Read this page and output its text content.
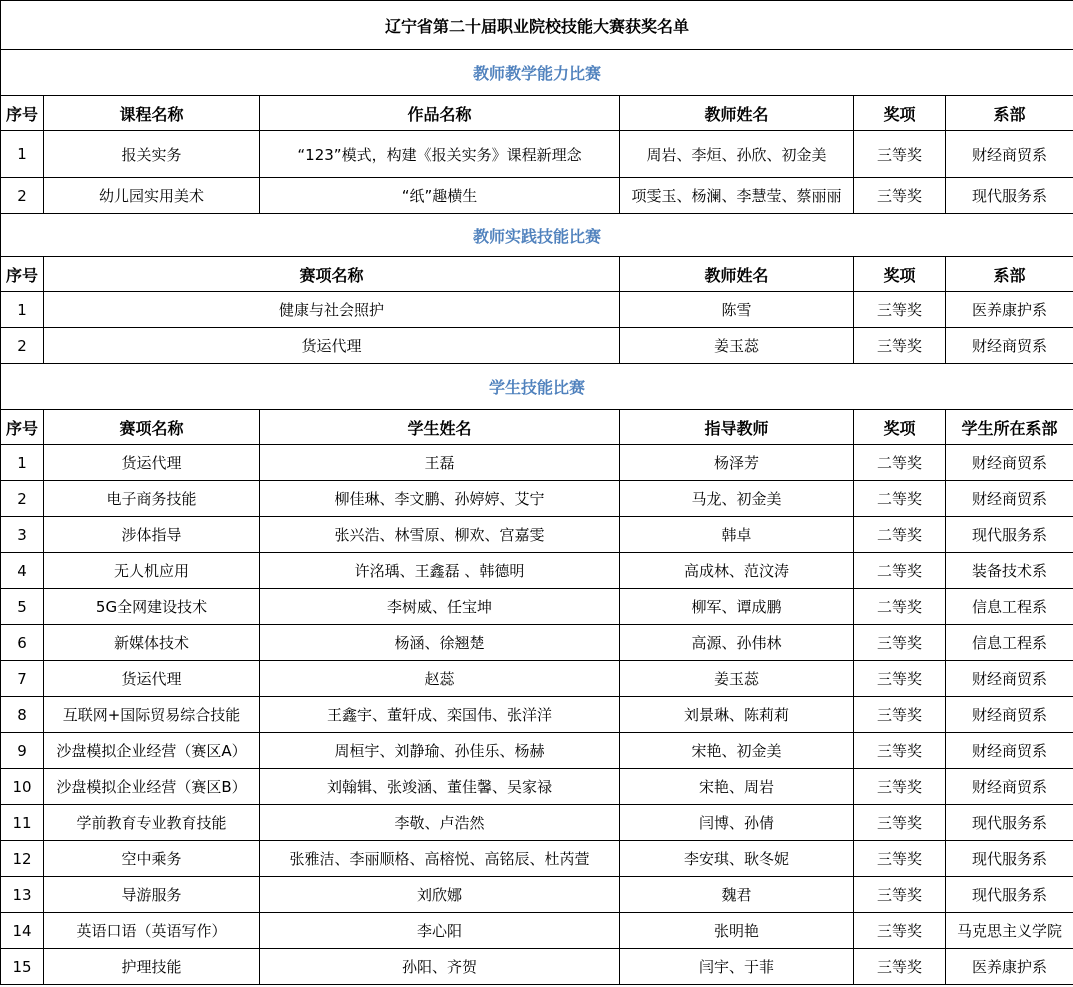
辽宁省第二十届职业院校技能大赛获奖名单					
教师教学能力比赛					
序号	课程名称	作品名称	教师姓名	奖项	系部
1	报关实务	“123”模式，构建《报关实务》课程新理念	周岩、李烜、孙欣、初金美	三等奖	财经商贸系
2	幼儿园实用美术	“纸”趣横生	项雯玉、杨澜、李慧莹、蔡丽丽	三等奖	现代服务系
教师实践技能比赛					
序号	赛项名称		教师姓名	奖项	系部
1	健康与社会照护		陈雪	三等奖	医养康护系
2	货运代理		姜玉蕊	三等奖	财经商贸系
学生技能比赛					
序号	赛项名称	学生姓名	指导教师	奖项	学生所在系部
1	货运代理	王磊	杨泽芳	二等奖	财经商贸系
2	电子商务技能	柳佳琳、李文鹏、孙婷婷、艾宁	马龙、初金美	二等奖	财经商贸系
3	涉体指导	张兴浩、林雪原、柳欢、宫嘉雯	韩卓	二等奖	现代服务系
4	无人机应用	许洺瑀、王鑫磊 、韩德明	高成林、范汶涛	二等奖	装备技术系
5	5G全网建设技术	李树威、任宝坤	柳军、谭成鹏	二等奖	信息工程系
6	新媒体技术	杨涵、徐翘楚	高源、孙伟林	三等奖	信息工程系
7	货运代理	赵蕊	姜玉蕊	三等奖	财经商贸系
8	互联网+国际贸易综合技能	王鑫宇、董轩成、栾国伟、张洋洋	刘景琳、陈莉莉	三等奖	财经商贸系
9	沙盘模拟企业经营（赛区A）	周桓宇、刘静瑜、孙佳乐、杨赫	宋艳、初金美	三等奖	财经商贸系
10	沙盘模拟企业经营（赛区B）	刘翰辑、张竣涵、董佳馨、吴家禄	宋艳、周岩	三等奖	财经商贸系
11	学前教育专业教育技能	李敬、卢浩然	闫博、孙倩	三等奖	现代服务系
12	空中乘务	张雅洁、李丽顺格、高榕悦、高铭辰、杜芮萱	李安琪、耿冬妮	三等奖	现代服务系
13	导游服务	刘欣娜	魏君	三等奖	现代服务系
14	英语口语（英语写作）	李心阳	张明艳	三等奖	马克思主义学院
15	护理技能	孙阳、齐贺	闫宇、于菲	三等奖	医养康护系
